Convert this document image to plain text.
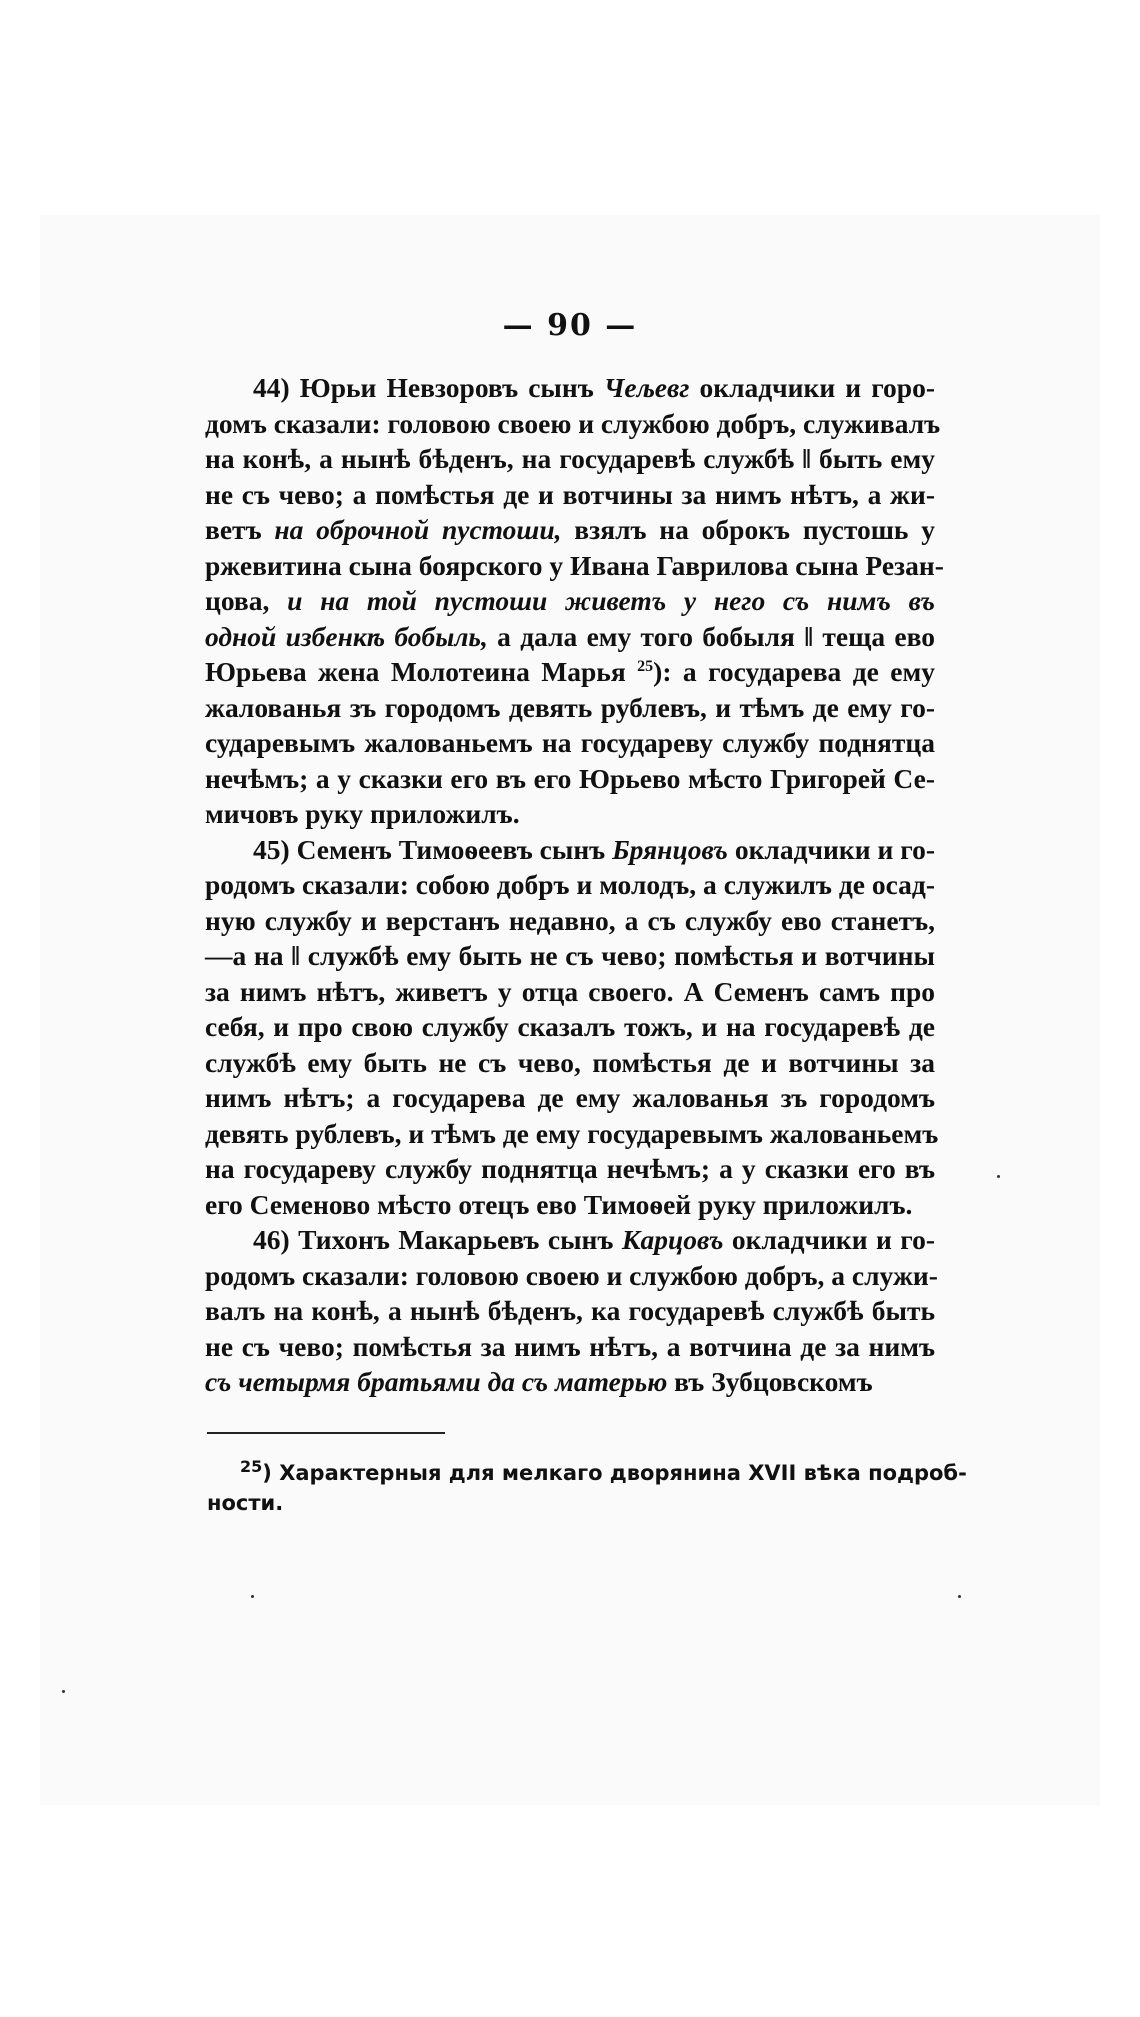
— 90 —
44) Юрьи Невзоровъ сынъ Чељевг окладчики и горо-
домъ сказали: головою своею и службою добръ, служивалъ
на конѣ, а нынѣ бѣденъ, на государевѣ службѣ ‖ быть ему
не съ чево; а помѣстья де и вотчины за нимъ нѣтъ, а жи-
ветъ на оброчной пустоши, взялъ на оброкъ пустошь у
ржевитина сына боярского у Ивана Гаврилова сына Резан-
цова, и на той пустоши живетъ у него съ нимъ въ
одной избенкѣ бобыль, а дала ему того бобыля ‖ теща ево
Юрьева жена Молотеина Марья $^{25}$): а государева де ему
жалованья зъ городомъ девять рублевъ, и тѣмъ де ему го-
сударевымъ жалованьемъ на государеву службу поднятца
нечѣмъ; а у сказки его въ его Юрьево мѣсто Григорей Се-
мичовъ руку приложилъ.
45) Семенъ Тимоѳеевъ сынъ Брянцовъ окладчики и го-
родомъ сказали: собою добръ и молодъ, а служилъ де осад-
ную службу и верстанъ недавно, а съ службу ево станетъ,
—а на ‖ службѣ ему быть не съ чево; помѣстья и вотчины
за нимъ нѣтъ, живетъ у отца своего. А Семенъ самъ про
себя, и про свою службу сказалъ тожъ, и на государевѣ де
службѣ ему быть не съ чево, помѣстья де и вотчины за
нимъ нѣтъ; а государева де ему жалованья зъ городомъ
девять рублевъ, и тѣмъ де ему государевымъ жалованьемъ
на государеву службу поднятца нечѣмъ; а у сказки его въ
его Семеново мѣсто отецъ ево Тимоѳей руку приложилъ.
46) Тихонъ Макарьевъ сынъ Карцовъ окладчики и го-
родомъ сказали: головою своею и службою добръ, а служи-
валъ на конѣ, а нынѣ бѣденъ, ка государевѣ службѣ быть
не съ чево; помѣстья за нимъ нѣтъ, а вотчина де за нимъ
съ четырмя братьями да съ матерью въ Зубцовскомъ
$^{25}$) Характерныя для мелкаго дворянина XVII вѣка подроб-
ности.
